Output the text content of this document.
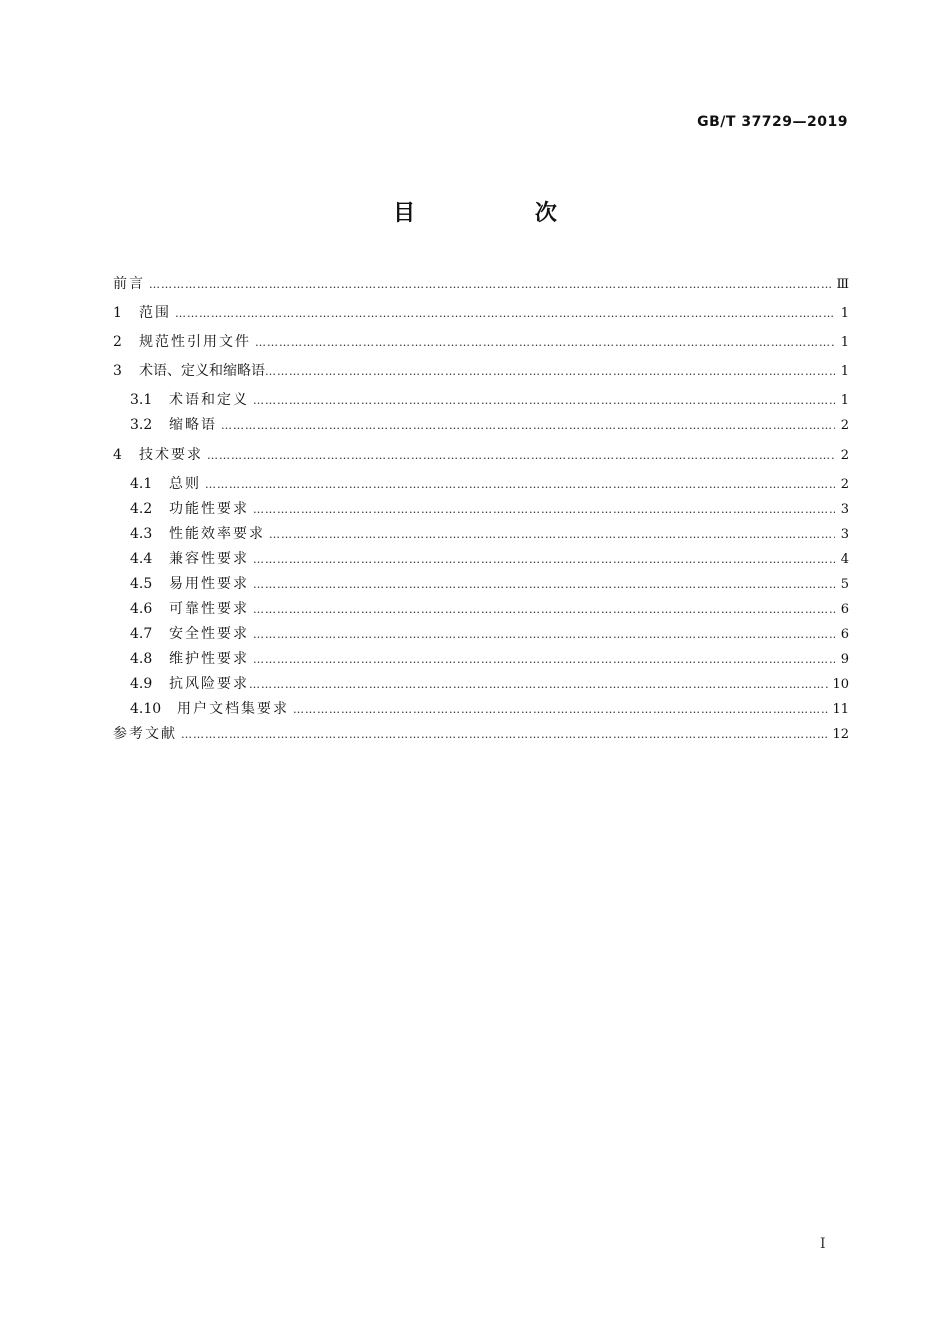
GB/T 37729—2019
目 次
前言 ………………………………………………………………………………………………………………………………………………………………………………………………………………………………………	Ⅲ
1	范围 ………………………………………………………………………………………………………………………………………………………………………………………………………………………………………	1
2	规范性引用文件 ………………………………………………………………………………………………………………………………………………………………………………………………………………………………………	1
3	术语、定义和缩略语 ………………………………………………………………………………………………………………………………………………………………………………………………………………………………………	1
3.1	术语和定义 ………………………………………………………………………………………………………………………………………………………………………………………………………………………………………	1
3.2	缩略语 ………………………………………………………………………………………………………………………………………………………………………………………………………………………………………	2
4	技术要求 ………………………………………………………………………………………………………………………………………………………………………………………………………………………………………	2
4.1	总则 ………………………………………………………………………………………………………………………………………………………………………………………………………………………………………	2
4.2	功能性要求 ………………………………………………………………………………………………………………………………………………………………………………………………………………………………………	3
4.3	性能效率要求 ………………………………………………………………………………………………………………………………………………………………………………………………………………………………………	3
4.4	兼容性要求 ………………………………………………………………………………………………………………………………………………………………………………………………………………………………………	4
4.5	易用性要求 ………………………………………………………………………………………………………………………………………………………………………………………………………………………………………	5
4.6	可靠性要求 ………………………………………………………………………………………………………………………………………………………………………………………………………………………………………	6
4.7	安全性要求 ………………………………………………………………………………………………………………………………………………………………………………………………………………………………………	6
4.8	维护性要求 ………………………………………………………………………………………………………………………………………………………………………………………………………………………………………	9
4.9	抗风险要求 ………………………………………………………………………………………………………………………………………………………………………………………………………………………………………	10
4.10	用户文档集要求 ………………………………………………………………………………………………………………………………………………………………………………………………………………………………………	11
参考文献 ………………………………………………………………………………………………………………………………………………………………………………………………………………………………………	12
I
